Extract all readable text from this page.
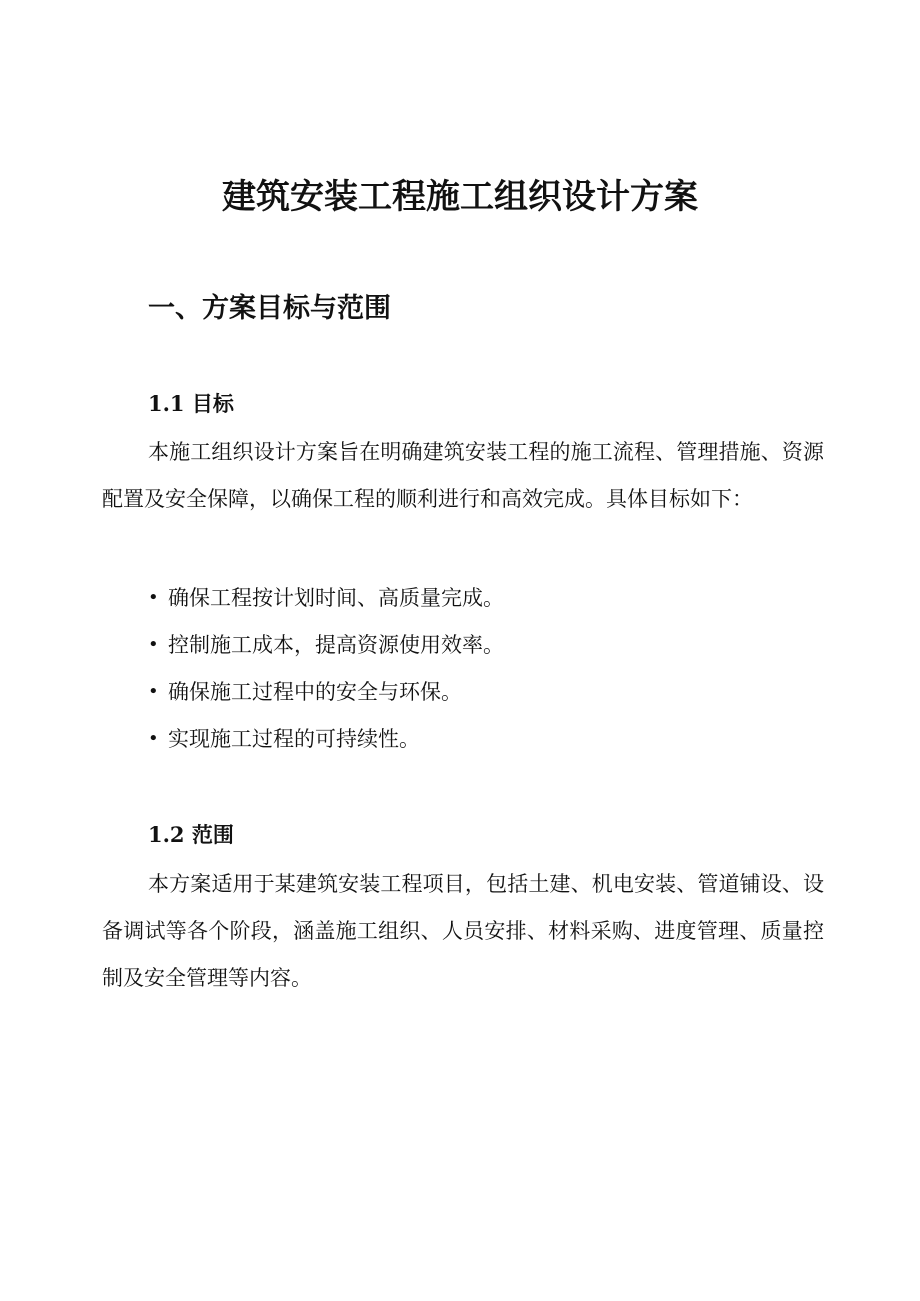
建筑安装工程施工组织设计方案
一、方案目标与范围
1.1 目标

本施工组织设计方案旨在明确建筑安装工程的施工流程、管理措施、资源配置及安全保障，以确保工程的顺利进行和高效完成。具体目标如下：

• 确保工程按计划时间、高质量完成。
• 控制施工成本，提高资源使用效率。
• 确保施工过程中的安全与环保。
• 实现施工过程的可持续性。
1.2 范围

本方案适用于某建筑安装工程项目，包括土建、机电安装、管道铺设、设备调试等各个阶段，涵盖施工组织、人员安排、材料采购、进度管理、质量控制及安全管理等内容。
